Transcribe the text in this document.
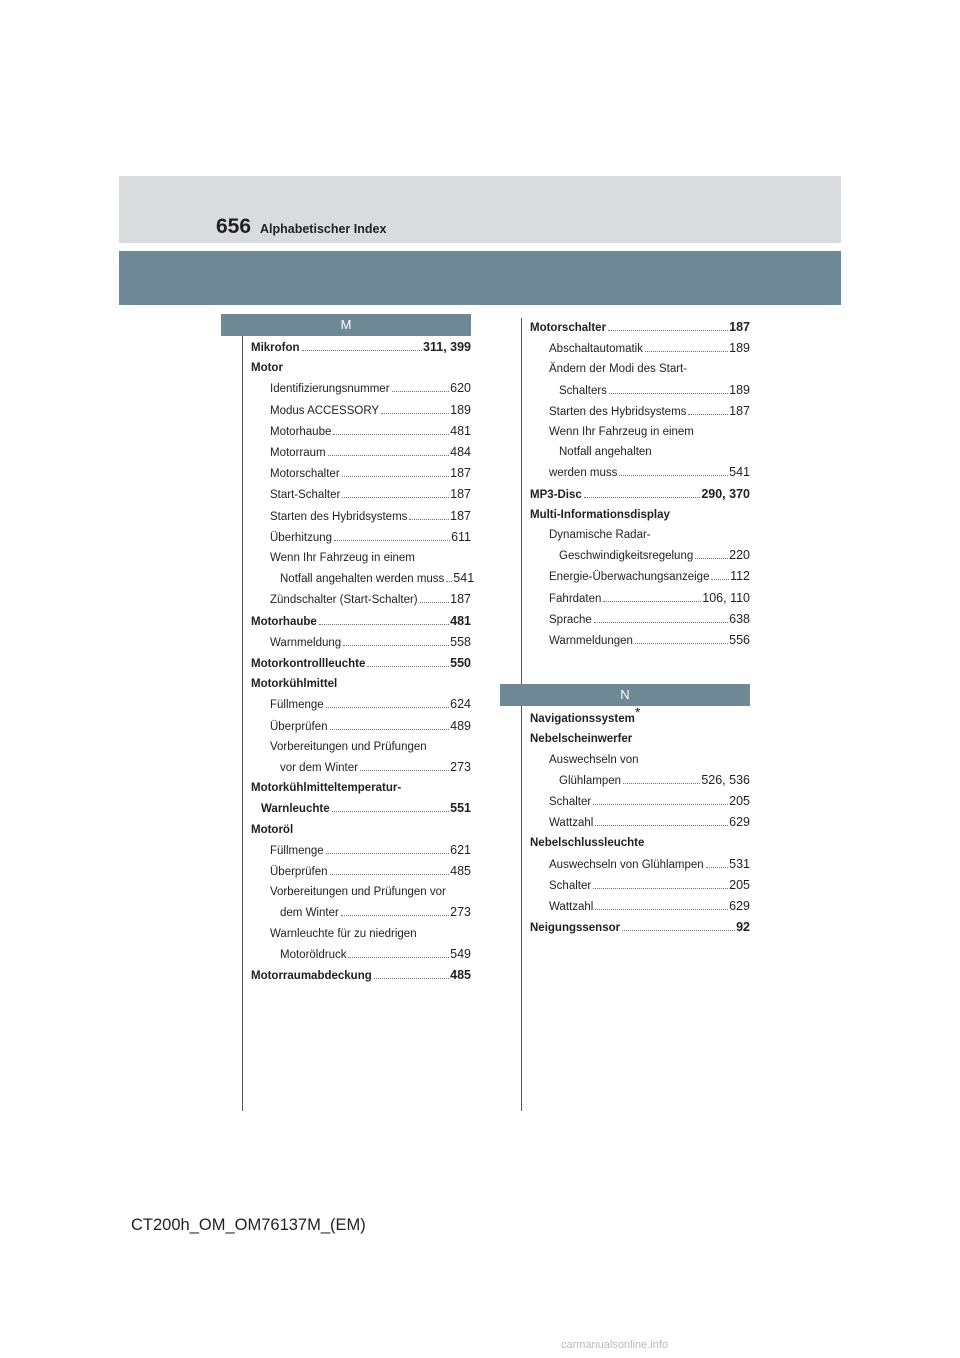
656 Alphabetischer Index
M
Mikrofon	311, 399
Motor
Identifizierungsnummer	620
Modus ACCESSORY	189
Motorhaube	481
Motorraum	484
Motorschalter	187
Start-Schalter	187
Starten des Hybridsystems	187
Überhitzung	611
Wenn Ihr Fahrzeug in einem
Notfall angehalten werden muss 541
Zündschalter (Start-Schalter)	187
Motorhaube	481
Warnmeldung	558
Motorkontrollleuchte	550
Motorkühlmittel
Füllmenge	624
Überprüfen	489
Vorbereitungen und Prüfungen
vor dem Winter	273
Motorkühlmitteltemperatur-
Warnleuchte	551
Motoröl
Füllmenge	621
Überprüfen	485
Vorbereitungen und Prüfungen vor
dem Winter	273
Warnleuchte für zu niedrigen
Motoröldruck	549
Motorraumabdeckung	485
Motorschalter	187
Abschaltautomatik	189
Ändern der Modi des Start-
Schalters	189
Starten des Hybridsystems	187
Wenn Ihr Fahrzeug in einem
Notfall angehalten
werden muss	541
MP3-Disc	290, 370
Multi-Informationsdisplay
Dynamische Radar-
Geschwindigkeitsregelung	220
Energie-Überwachungsanzeige 112
Fahrdaten	106, 110
Sprache	638
Warnmeldungen	556
N
Navigationssystem*
Nebelscheinwerfer
Auswechseln von
Glühlampen	526, 536
Schalter	205
Wattzahl	629
Nebelschlussleuchte
Auswechseln von Glühlampen 531
Schalter	205
Wattzahl	629
Neigungssensor	92
CT200h_OM_OM76137M_(EM)
carmanualsonline.info
